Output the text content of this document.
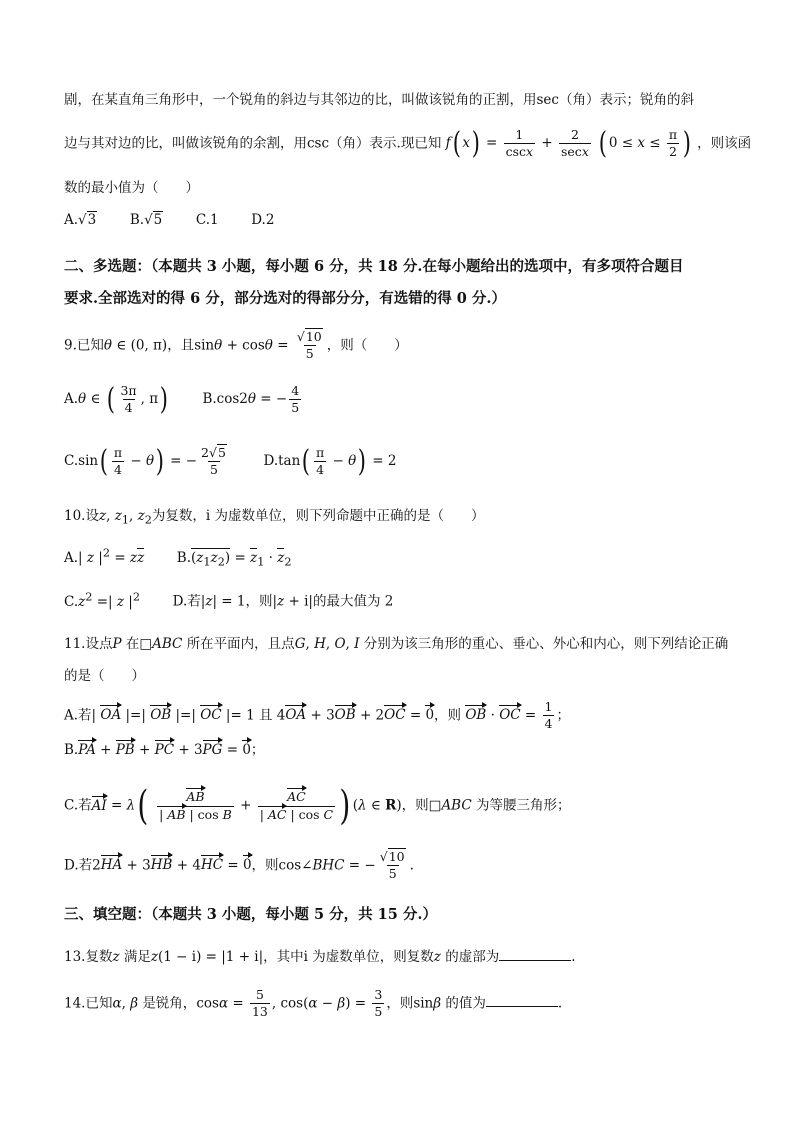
剧，在某直角三角形中，一个锐角的斜边与其邻边的比，叫做该锐角的正割，用sec（角）表示；锐角的斜
边与其对边的比，叫做该锐角的余割，用csc（角）表示.现已知 f( $x) = \frac{1}{\csc x} + \frac{2}{\sec x}$ ( $0 \le x \le \frac{\pi}{2}$ ) ，则该函
数的最小值为（　　）
A.√3 B.√5 C.1 D.2
二、多选题：（本题共 3 小题，每小题 6 分，共 18 分.在每小题给出的选项中，有多项符合题目
要求.全部选对的得 6 分，部分选对的得部分分，有选错的得 0 分.）
9.已知θ ∈ (0, π)，且$\sin\theta + \cos\theta = \frac{√10}{5}$ ，则（　　）
A.θ ∈ ( $\frac{3\pi}{4}$ , π)	B.cos2θ = − $\frac{4}{5}$
$C.\sin( \frac{\pi}{4} - \theta)$ = − $\frac{2√5}{5}$	$D.\tan( \frac{\pi}{4} - \theta) = 2$
10.设z, $z_1$, $z_2$为复数，i 为虚数单位，则下列命题中正确的是（　　）
A.| z $|^2$ = zz $B.(z_1z_2) = z_1 \cdot z_2$
$C.z^2$ =| z $|^2$ D.若|z| = 1，则|z + i|的最大值为 2
11.设点P 在□ABC 所在平面内，且点G, H, O, I 分别为该三角形的重心、垂心、外心和内心，则下列结论正确
的是（　　）
A.若| OA |=| OB |=| OC |= 1 且 4OA + 3OB + 2OC = 0，则 OB · OC = $\frac{1}{4}$ ；
B.PA + PB + PC + 3PG = 0；
C.若AI = $\lambda( \frac{AB}{\text{| AB | cos B}} + \frac{AC}{\text{| AC | cos C}}$ ) (λ ∈ R)，则□ABC 为等腰三角形；
D.若2HA + 3HB + 4HC = 0，则cos∠BHC = − $\frac{√10}{5}$ .
三、填空题：（本题共 3 小题，每小题 5 分，共 15 分.）
13.复数z 满足z(1 − i) = |1 + i|，其中i 为虚数单位，则复数z 的虚部为	.
14.已知α, β 是锐角，$\cos\alpha = \frac{5}{13}$ , $\cos(\alpha - \beta) = \frac{3}{5}$ ，则sinβ 的值为	.
